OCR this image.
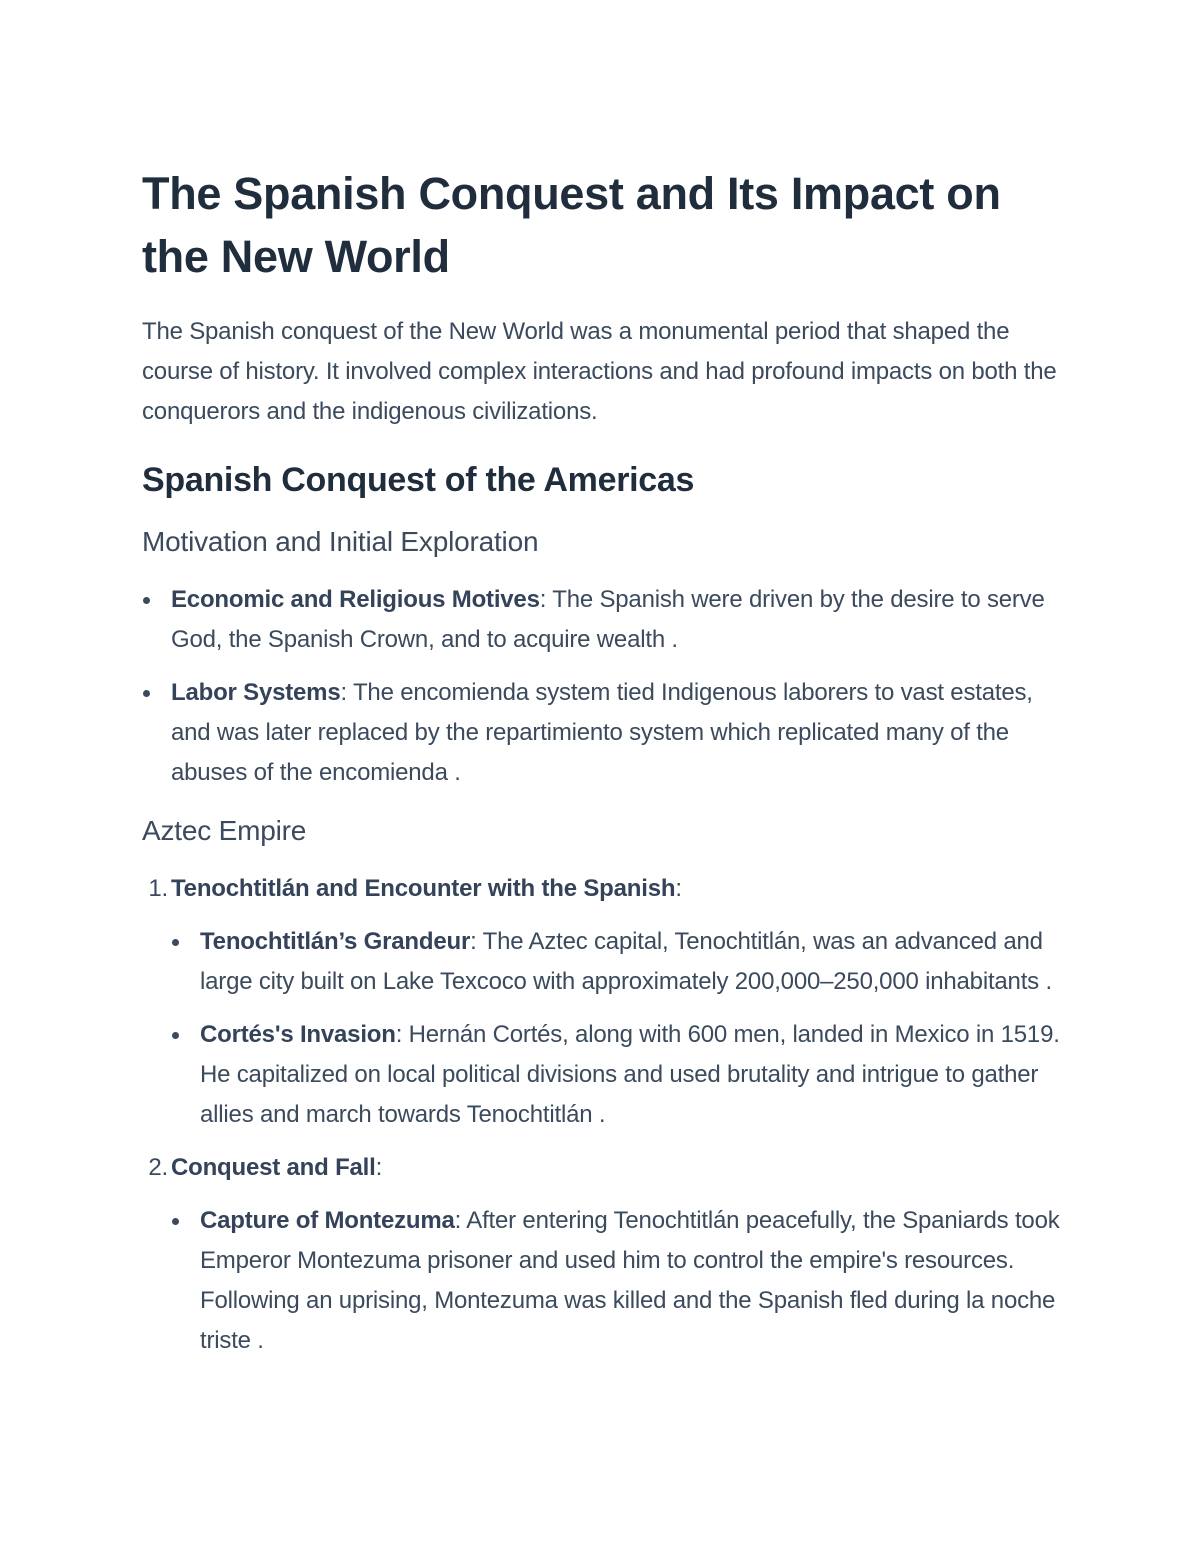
The Spanish Conquest and Its Impact on the New World

The Spanish conquest of the New World was a monumental period that shaped the course of history. It involved complex interactions and had profound impacts on both the conquerors and the indigenous civilizations.

Spanish Conquest of the Americas
Motivation and Initial Exploration
Economic and Religious Motives: The Spanish were driven by the desire to serve God, the Spanish Crown, and to acquire wealth .
Labor Systems: The encomienda system tied Indigenous laborers to vast estates, and was later replaced by the repartimiento system which replicated many of the abuses of the encomienda .
Aztec Empire
1. Tenochtitlán and Encounter with the Spanish:
Tenochtitlán’s Grandeur: The Aztec capital, Tenochtitlán, was an advanced and large city built on Lake Texcoco with approximately 200,000–250,000 inhabitants .
Cortés's Invasion: Hernán Cortés, along with 600 men, landed in Mexico in 1519. He capitalized on local political divisions and used brutality and intrigue to gather allies and march towards Tenochtitlán .
2. Conquest and Fall:
Capture of Montezuma: After entering Tenochtitlán peacefully, the Spaniards took Emperor Montezuma prisoner and used him to control the empire's resources. Following an uprising, Montezuma was killed and the Spanish fled during la noche triste .
